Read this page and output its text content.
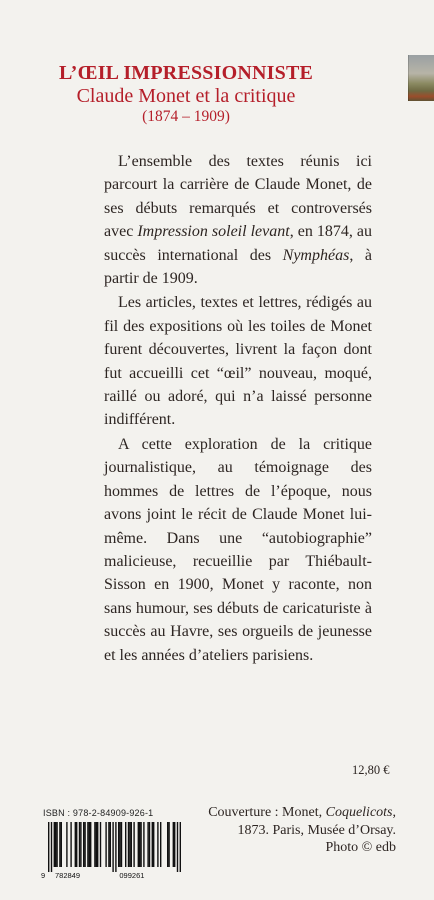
L’ŒIL IMPRESSIONNISTE
Claude Monet et la critique
(1874 – 1909)

L’ensemble des textes réunis ici parcourt la carrière de Claude Monet, de ses débuts remarqués et controversés avec Impression soleil levant, en 1874, au succès international des Nymphéas, à partir de 1909.

Les articles, textes et lettres, rédigés au fil des expositions où les toiles de Monet furent découvertes, livrent la façon dont fut accueilli cet “œil” nouveau, moqué, raillé ou adoré, qui n’a laissé personne indifférent.

A cette exploration de la critique journalistique, au témoignage des hommes de lettres de l’époque, nous avons joint le récit de Claude Monet lui-même. Dans une “autobiographie” malicieuse, recueillie par Thiébault-Sisson en 1900, Monet y raconte, non sans humour, ses débuts de caricaturiste à succès au Havre, ses orgueils de jeunesse et les années d’ateliers parisiens.

12,80 €
ISBN : 978-2-84909-926-1
9 782849	099261
Couverture : Monet, Coquelicots,
1873. Paris, Musée d’Orsay.
Photo © edb
